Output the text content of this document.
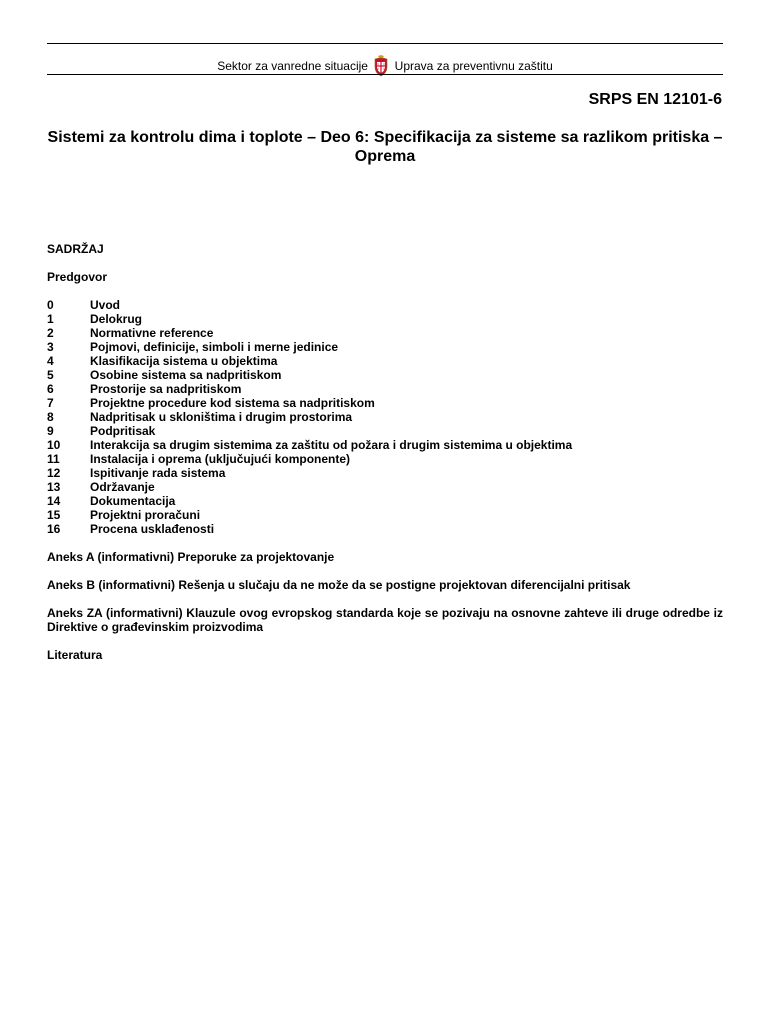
Sektor za vanredne situacije Uprava za preventivnu zaštitu
SRPS EN 12101-6
Sistemi za kontrolu dima i toplote – Deo 6: Specifikacija za sisteme sa razlikom pritiska – Oprema
SADRŽAJ
Predgovor
0	Uvod
1	Delokrug
2	Normativne reference
3	Pojmovi, definicije, simboli i merne jedinice
4	Klasifikacija sistema u objektima
5	Osobine sistema sa nadpritiskom
6	Prostorije sa nadpritiskom
7	Projektne procedure kod sistema sa nadpritiskom
8	Nadpritisak u skloništima i drugim prostorima
9	Podpritisak
10 Interakcija sa drugim sistemima za zaštitu od požara i drugim sistemima u objektima
11	Instalacija i oprema (uključujući komponente)
12 Ispitivanje rada sistema
13 Održavanje
14 Dokumentacija
15 Projektni proračuni
16 Procena usklađenosti

Aneks A (informativni) Preporuke za projektovanje

Aneks B (informativni) Rešenja u slučaju da ne može da se postigne projektovan diferencijalni pritisak

Aneks ZA (informativni) Klauzule ovog evropskog standarda koje se pozivaju na osnovne zahteve ili druge odredbe iz Direktive o građevinskim proizvodima

Literatura
